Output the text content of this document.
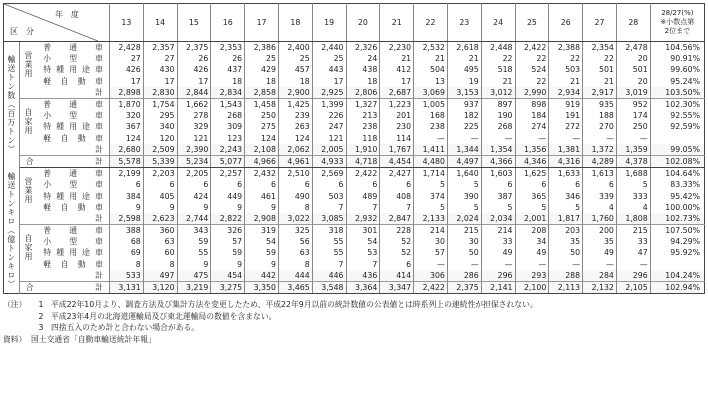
年　度
区　分			13	14	15	16	17	18	19	20	21	22	23	24	25	26	27	28	28/27(%)
※小数点第
2位まで
輸送トン数（百万トン）	営業用	普通車	2,428	2,357	2,375	2,353	2,386	2,400	2,440	2,326	2,230	2,532	2,618	2,448	2,422	2,388	2,354	2,478	104.56%
		小型車	27	27	26	26	25	25	25	24	21	21	21	22	22	22	22	20	90.91%
		特種用途車	426	430	426	437	429	457	443	438	412	504	495	518	524	503	501	501	99.60%
		軽自動車	17	17	17	18	18	18	17	18	17	13	19	21	22	21	21	20	95.24%
		計	2,898	2,830	2,844	2,834	2,858	2,900	2,925	2,806	2,687	3,069	3,153	3,012	2,990	2,934	2,917	3,019	103.50%
	自家用	普通車	1,870	1,754	1,662	1,543	1,458	1,425	1,399	1,327	1,223	1,005	937	897	898	919	935	952	102.30%
		小型車	320	295	278	268	250	239	226	213	201	168	182	190	184	191	188	174	92.55%
		特種用途車	367	340	329	309	275	263	247	238	230	238	225	268	274	272	270	250	92.59%
		軽自動車	124	120	121	123	124	124	121	118	114	—	—	—	—	—	—	—	
		計	2,680	2,509	2,390	2,243	2,108	2,062	2,005	1,910	1,767	1,411	1,344	1,354	1,356	1,381	1,372	1,359	99.05%
	合　　計		5,578	5,339	5,234	5,077	4,966	4,961	4,933	4,718	4,454	4,480	4,497	4,366	4,346	4,316	4,289	4,378	102.08%
輸送トンキロ（億トンキロ）	営業用	普通車	2,199	2,203	2,205	2,257	2,432	2,510	2,569	2,422	2,427	1,714	1,640	1,603	1,625	1,633	1,613	1,688	104.64%
		小型車	6	6	6	6	6	6	6	6	6	5	5	6	6	6	6	5	83.33%
		特種用途車	384	405	424	449	461	490	503	489	408	374	390	387	365	346	339	333	95.42%
		軽自動車	9	9	9	9	9	8	7	7	7	5	5	5	5	5	4	4	100.00%
		計	2,598	2,623	2,744	2,822	2,908	3,022	3,085	2,932	2,847	2,133	2,024	2,034	2,001	1,817	1,760	1,808	102.73%
	自家用	普通車	388	360	343	326	319	325	318	301	228	214	215	214	208	203	200	215	107.50%
		小型車	68	63	59	57	54	56	55	54	52	30	30	33	34	35	35	33	94.29%
		特種用途車	69	60	55	59	59	63	55	53	52	57	50	49	49	50	49	47	95.92%
		軽自動車	8	8	9	9	9	8	7	7	6	—	—	—	—	—	—	—	
		計	533	497	475	454	442	444	446	436	414	306	286	296	293	288	284	296	104.24%
	合　　計		3,131	3,120	3,219	3,275	3,350	3,465	3,548	3,364	3,347	2,422	2,375	2,141	2,100	2,113	2,132	2,105	102.94%
（注）	1 平成22年10月より、調査方法及び集計方法を変更したため、平成22年9月以前の統計数値の公表値とは時系列上の連続性が担保されない。
2 平成23年4月の北海道運輸局及び東北運輸局の数値を含まない。
3 四捨五入のため計と合わない場合がある。
資料） 国土交通省「自動車輸送統計年報」
